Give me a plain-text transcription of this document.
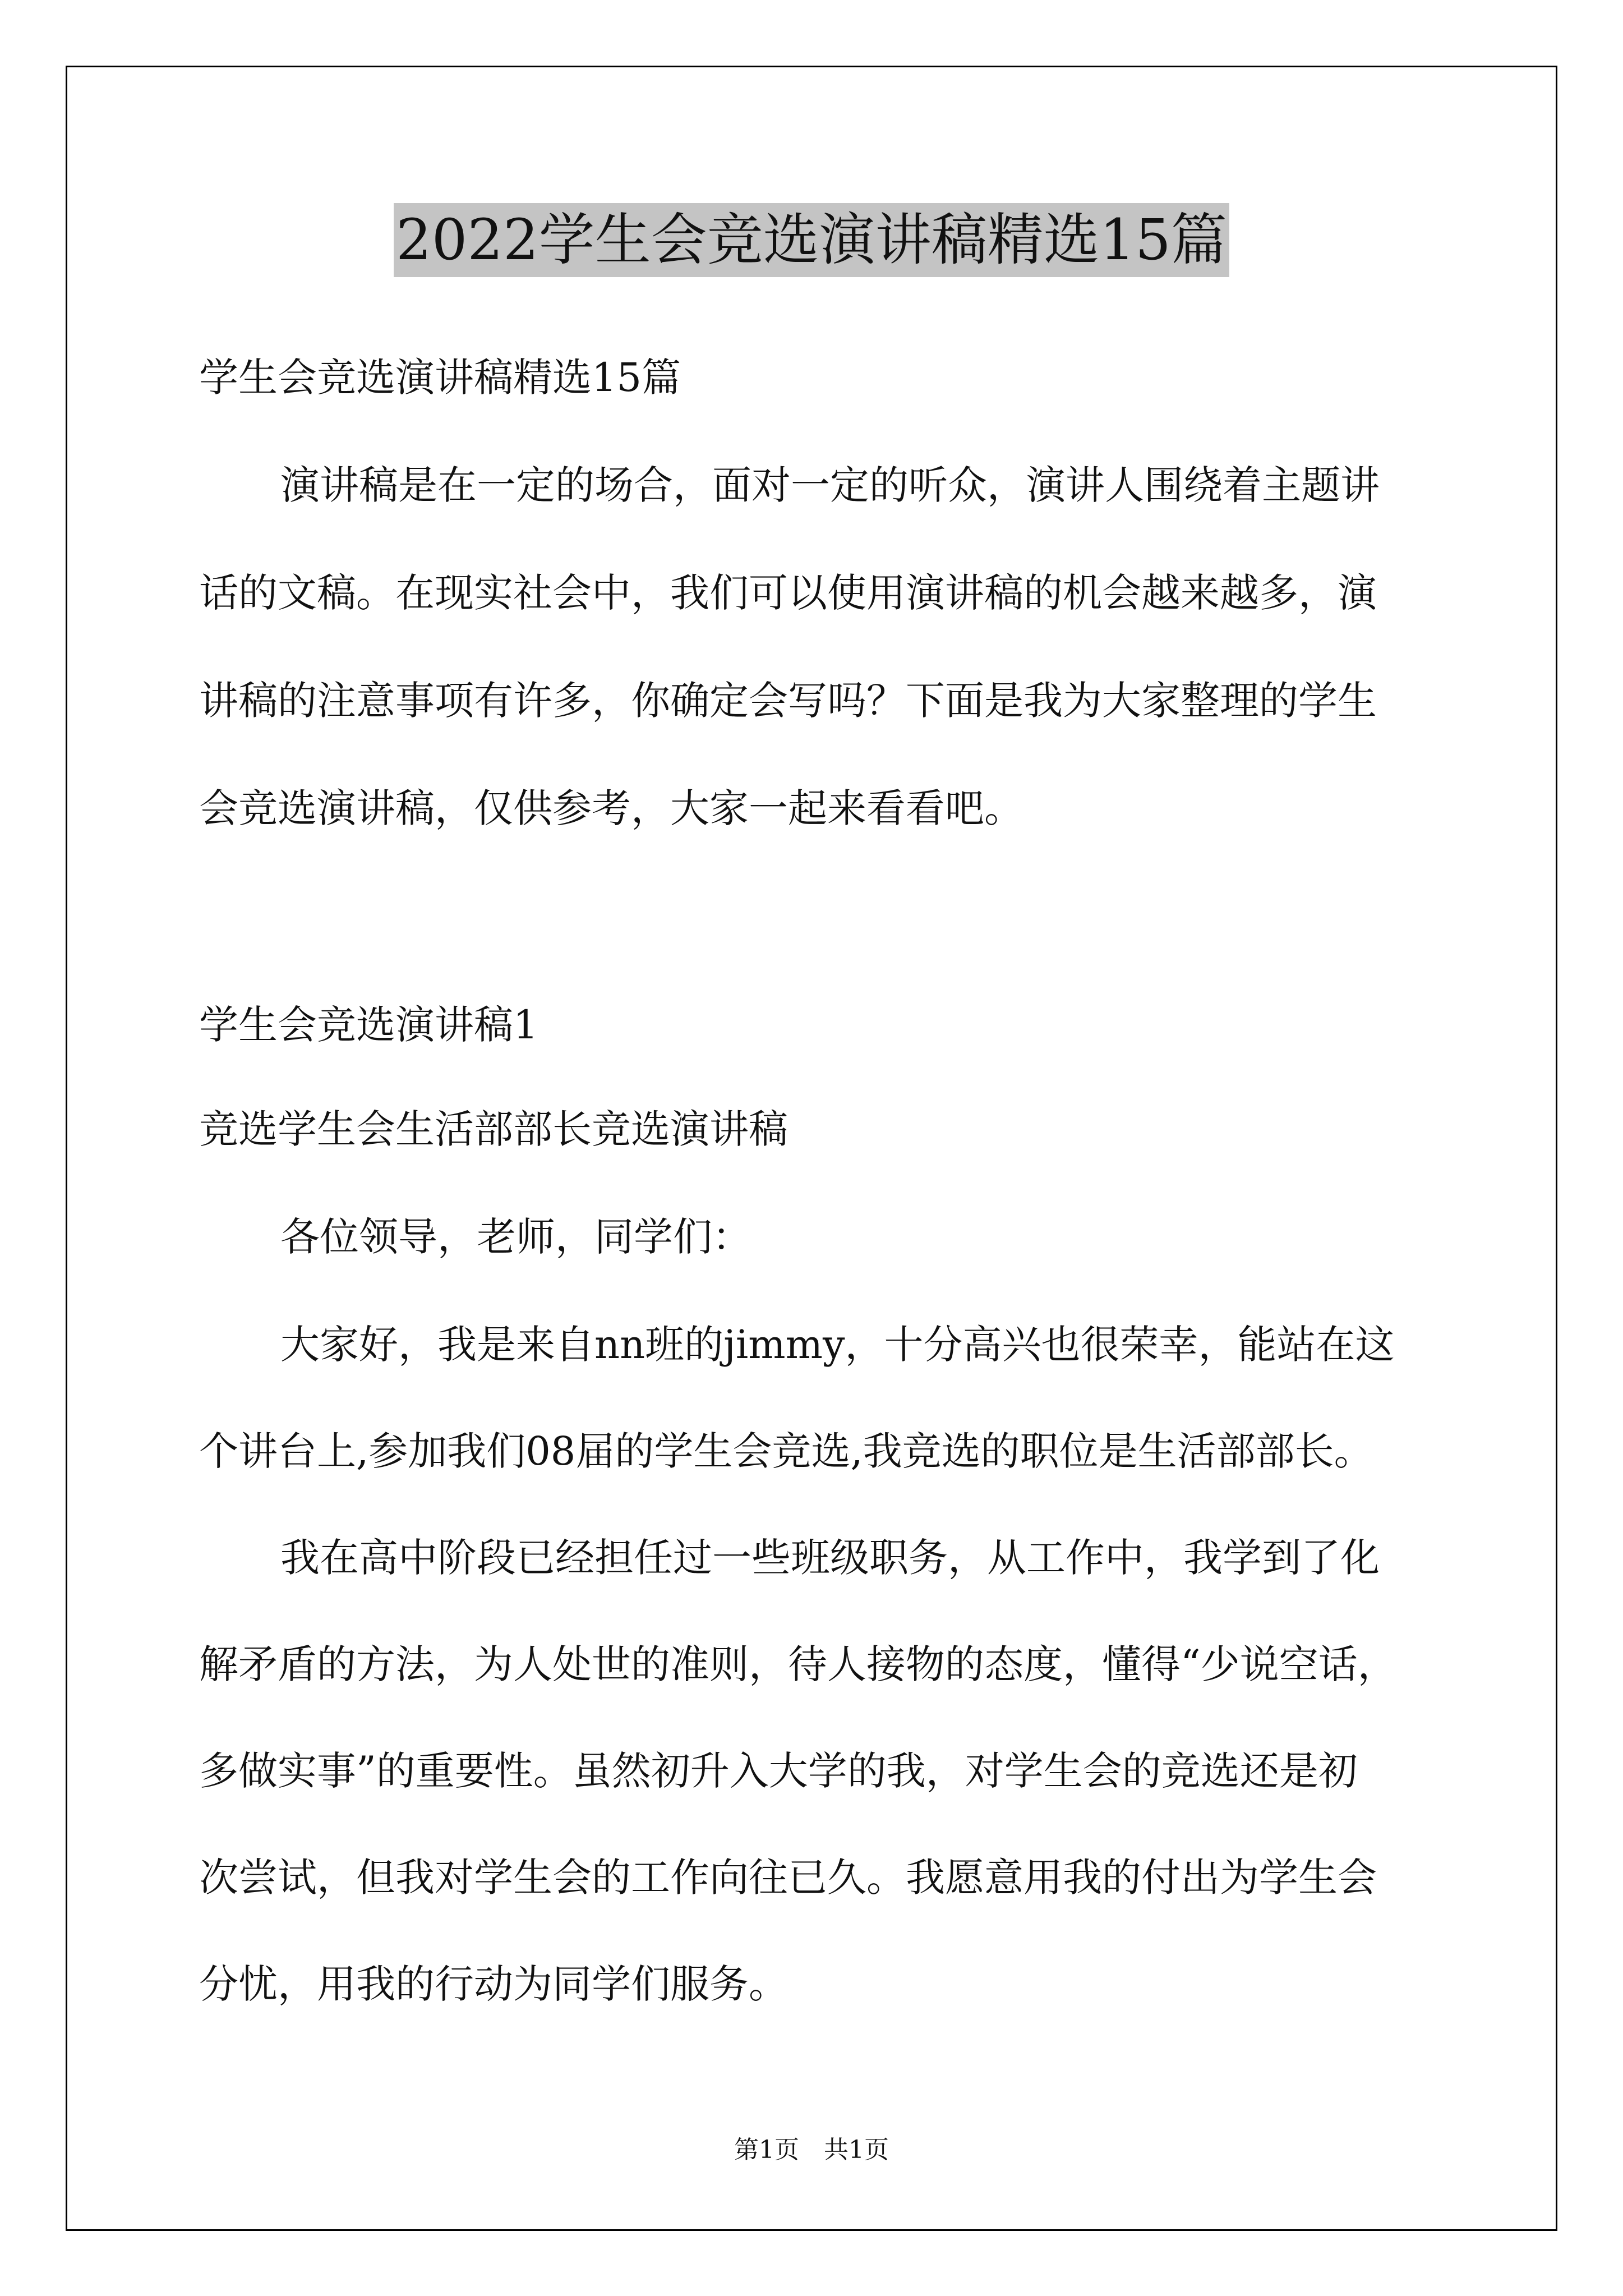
2022学生会竞选演讲稿精选15篇
学生会竞选演讲稿精选15篇
演讲稿是在一定的场合，面对一定的听众，演讲人围绕着主题讲
话的文稿。在现实社会中，我们可以使用演讲稿的机会越来越多，演
讲稿的注意事项有许多，你确定会写吗？下面是我为大家整理的学生
会竞选演讲稿，仅供参考，大家一起来看看吧。
学生会竞选演讲稿1
竞选学生会生活部部长竞选演讲稿
各位领导，老师，同学们：
大家好，我是来自nn班的jimmy，十分高兴也很荣幸，能站在这
个讲台上,参加我们08届的学生会竞选,我竞选的职位是生活部部长。
我在高中阶段已经担任过一些班级职务，从工作中，我学到了化
解矛盾的方法，为人处世的准则，待人接物的态度，懂得“少说空话，
多做实事”的重要性。虽然初升入大学的我，对学生会的竞选还是初
次尝试，但我对学生会的工作向往已久。我愿意用我的付出为学生会
分忧，用我的行动为同学们服务。
第1页　共1页
